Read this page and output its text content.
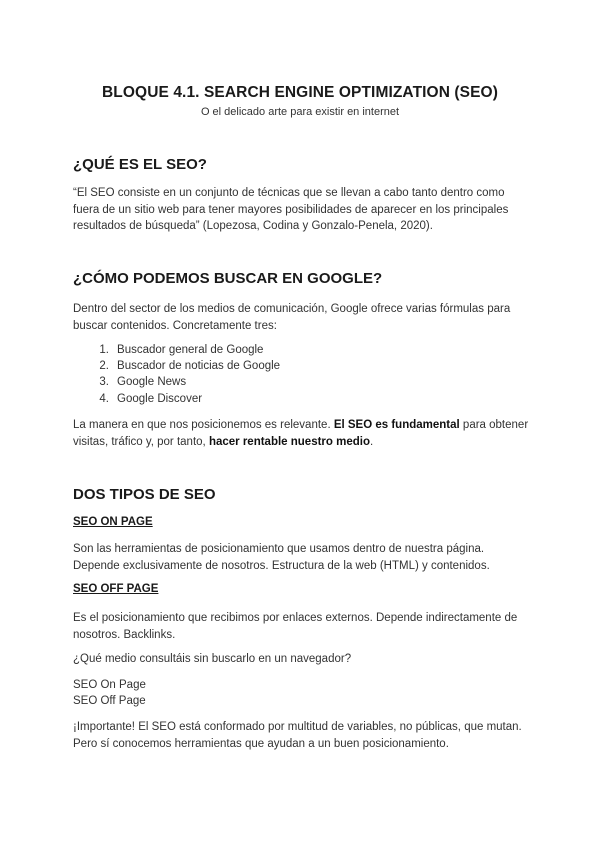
BLOQUE 4.1. SEARCH ENGINE OPTIMIZATION (SEO)
O el delicado arte para existir en internet
¿QUÉ ES EL SEO?

“El SEO consiste en un conjunto de técnicas que se llevan a cabo tanto dentro como fuera de un sitio web para tener mayores posibilidades de aparecer en los principales resultados de búsqueda” (Lopezosa, Codina y Gonzalo-Penela, 2020).

¿CÓMO PODEMOS BUSCAR EN GOOGLE?

Dentro del sector de los medios de comunicación, Google ofrece varias fórmulas para buscar contenidos. Concretamente tres:

1. Buscador general de Google
2. Buscador de noticias de Google
3. Google News
4. Google Discover

La manera en que nos posicionemos es relevante. El SEO es fundamental para obtener visitas, tráfico y, por tanto, hacer rentable nuestro medio.

DOS TIPOS DE SEO
SEO ON PAGE

Son las herramientas de posicionamiento que usamos dentro de nuestra página. Depende exclusivamente de nosotros. Estructura de la web (HTML) y contenidos.

SEO OFF PAGE

Es el posicionamiento que recibimos por enlaces externos. Depende indirectamente de nosotros. Backlinks.

¿Qué medio consultáis sin buscarlo en un navegador?

SEO On Page

SEO Off Page

¡Importante! El SEO está conformado por multitud de variables, no públicas, que mutan. Pero sí conocemos herramientas que ayudan a un buen posicionamiento.
